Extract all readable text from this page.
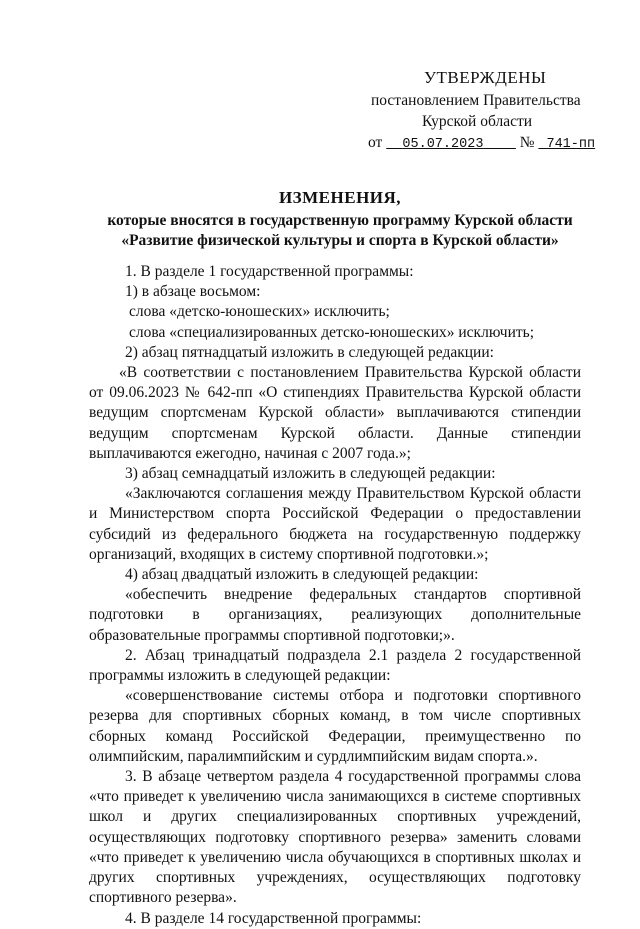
УТВЕРЖДЕНЫ
постановлением Правительства
Курской области
от 05.07.2023 № 741-пп
ИЗМЕНЕНИЯ,
которые вносятся в государственную программу Курской области
«Развитие физической культуры и спорта в Курской области»

1. В разделе 1 государственной программы:

1) в абзаце восьмом:

слова «детско-юношеских» исключить;

слова «специализированных детско-юношеских» исключить;

2) абзац пятнадцатый изложить в следующей редакции:

«В соответствии с постановлением Правительства Курской области от 09.06.2023 № 642-пп «О стипендиях Правительства Курской области ведущим спортсменам Курской области» выплачиваются стипендии ведущим спортсменам Курской области. Данные стипендии выплачиваются ежегодно, начиная с 2007 года.»;

3) абзац семнадцатый изложить в следующей редакции:

«Заключаются соглашения между Правительством Курской области и Министерством спорта Российской Федерации о предоставлении субсидий из федерального бюджета на государственную поддержку организаций, входящих в систему спортивной подготовки.»;

4) абзац двадцатый изложить в следующей редакции:

«обеспечить внедрение федеральных стандартов спортивной подготовки в организациях, реализующих дополнительные образовательные программы спортивной подготовки;».

2. Абзац тринадцатый подраздела 2.1 раздела 2 государственной программы изложить в следующей редакции:

«совершенствование системы отбора и подготовки спортивного резерва для спортивных сборных команд, в том числе спортивных сборных команд Российской Федерации, преимущественно по олимпийским, паралимпийским и сурдлимпийским видам спорта.».

3. В абзаце четвертом раздела 4 государственной программы слова «что приведет к увеличению числа занимающихся в системе спортивных школ и других специализированных спортивных учреждений, осуществляющих подготовку спортивного резерва» заменить словами «что приведет к увеличению числа обучающихся в спортивных школах и других спортивных учреждениях, осуществляющих подготовку спортивного резерва».

4. В разделе 14 государственной программы:
